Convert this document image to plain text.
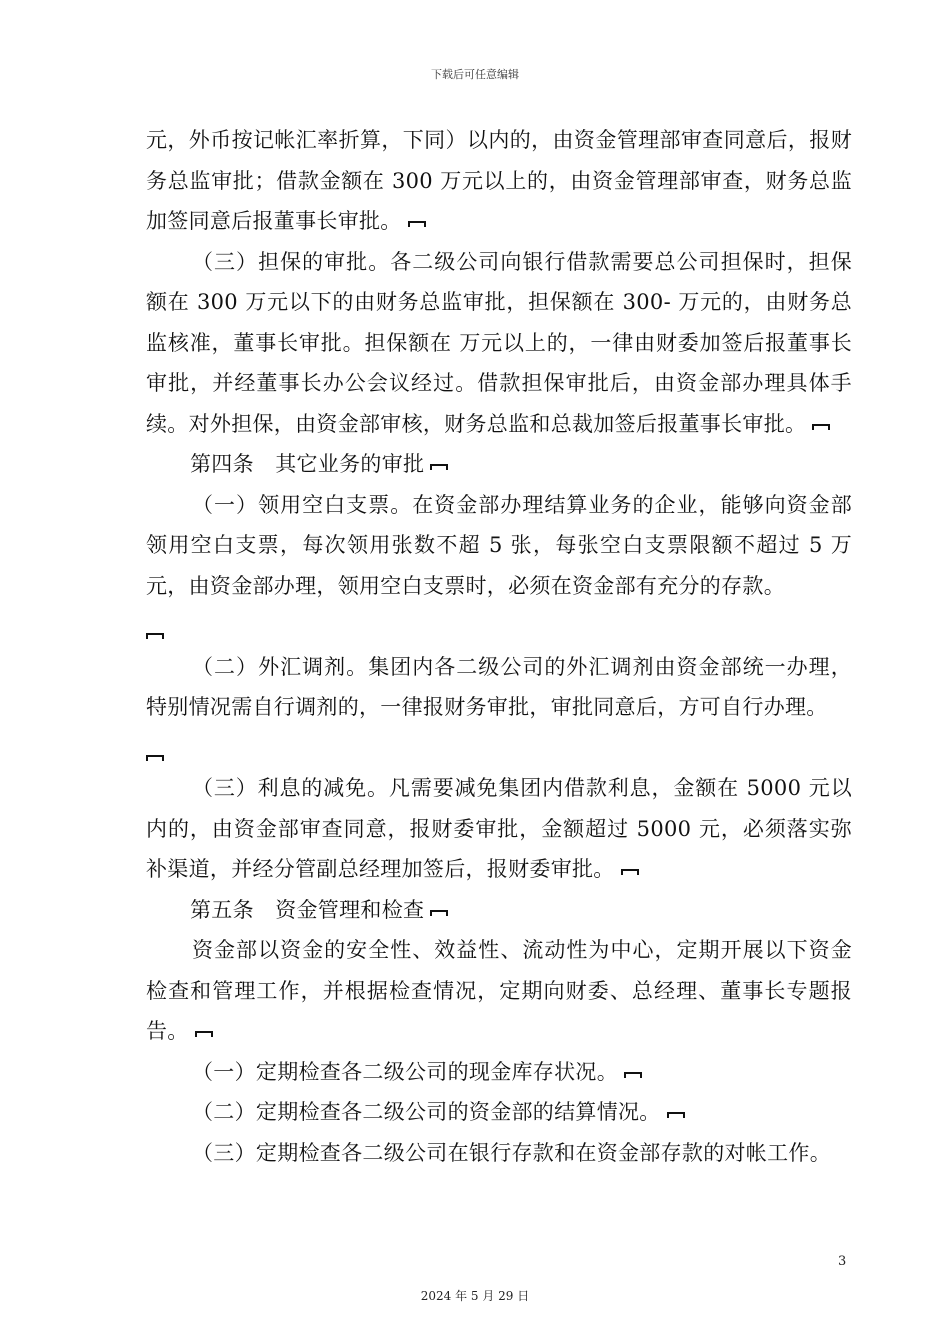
下载后可任意编辑

元，外币按记帐汇率折算，下同）以内的，由资金管理部审查同意后，报财务总监审批；借款金额在 300 万元以上的，由资金管理部审查，财务总监加签同意后报董事长审批。

（三）担保的审批。各二级公司向银行借款需要总公司担保时，担保额在 300 万元以下的由财务总监审批，担保额在 300- 万元的，由财务总监核准，董事长审批。担保额在 万元以上的，一律由财委加签后报董事长审批，并经董事长办公会议经过。借款担保审批后，由资金部办理具体手续。对外担保，由资金部审核，财务总监和总裁加签后报董事长审批。

第四条　其它业务的审批

（一）领用空白支票。在资金部办理结算业务的企业，能够向资金部领用空白支票，每次领用张数不超 5 张，每张空白支票限额不超过 5 万元，由资金部办理，领用空白支票时，必须在资金部有充分的存款。

（二）外汇调剂。集团内各二级公司的外汇调剂由资金部统一办理，特别情况需自行调剂的，一律报财务审批，审批同意后，方可自行办理。

（三）利息的减免。凡需要减免集团内借款利息，金额在 5000 元以内的，由资金部审查同意，报财委审批，金额超过 5000 元，必须落实弥补渠道，并经分管副总经理加签后，报财委审批。

第五条　资金管理和检查

资金部以资金的安全性、效益性、流动性为中心，定期开展以下资金检查和管理工作，并根据检查情况，定期向财委、总经理、董事长专题报告。

（一）定期检查各二级公司的现金库存状况。

（二）定期检查各二级公司的资金部的结算情况。

（三）定期检查各二级公司在银行存款和在资金部存款的对帐工作。

3
2024 年 5 月 29 日
